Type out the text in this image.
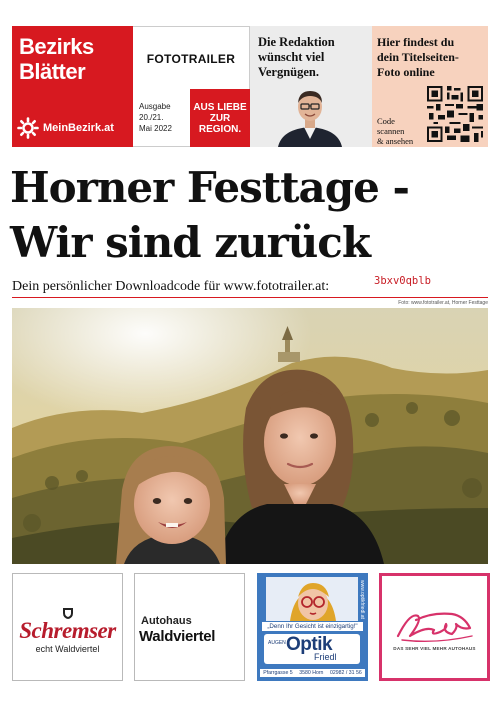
Bezirks
Blätter
MeinBezirk.at
FOTOTRAILER
Ausgabe
20./21.
Mai 2022
AUS LIEBE
ZUR
REGION.
Die Redaktion
wünscht viel
Vergnügen.
Hier findest du
dein Titelseiten-
Foto online
Code
scannen
& ansehen
Horner Festtage -
Wir sind zurück
Dein persönlicher Downloadcode für www.fototrailer.at:	3bxv0qblb
Foto: www.fototrailer.at, Horner Festtage
Schremser
echt Waldviertel
Autohaus
Waldviertel
www.optikfriedl.at
„Denn Ihr Gesicht ist einzigartig!"
AUGEN Optik
Friedl
Pfarrgasse 5 3580 Horn 02982 / 31 56
DAS SEHR VIEL MEHR AUTOHAUS
